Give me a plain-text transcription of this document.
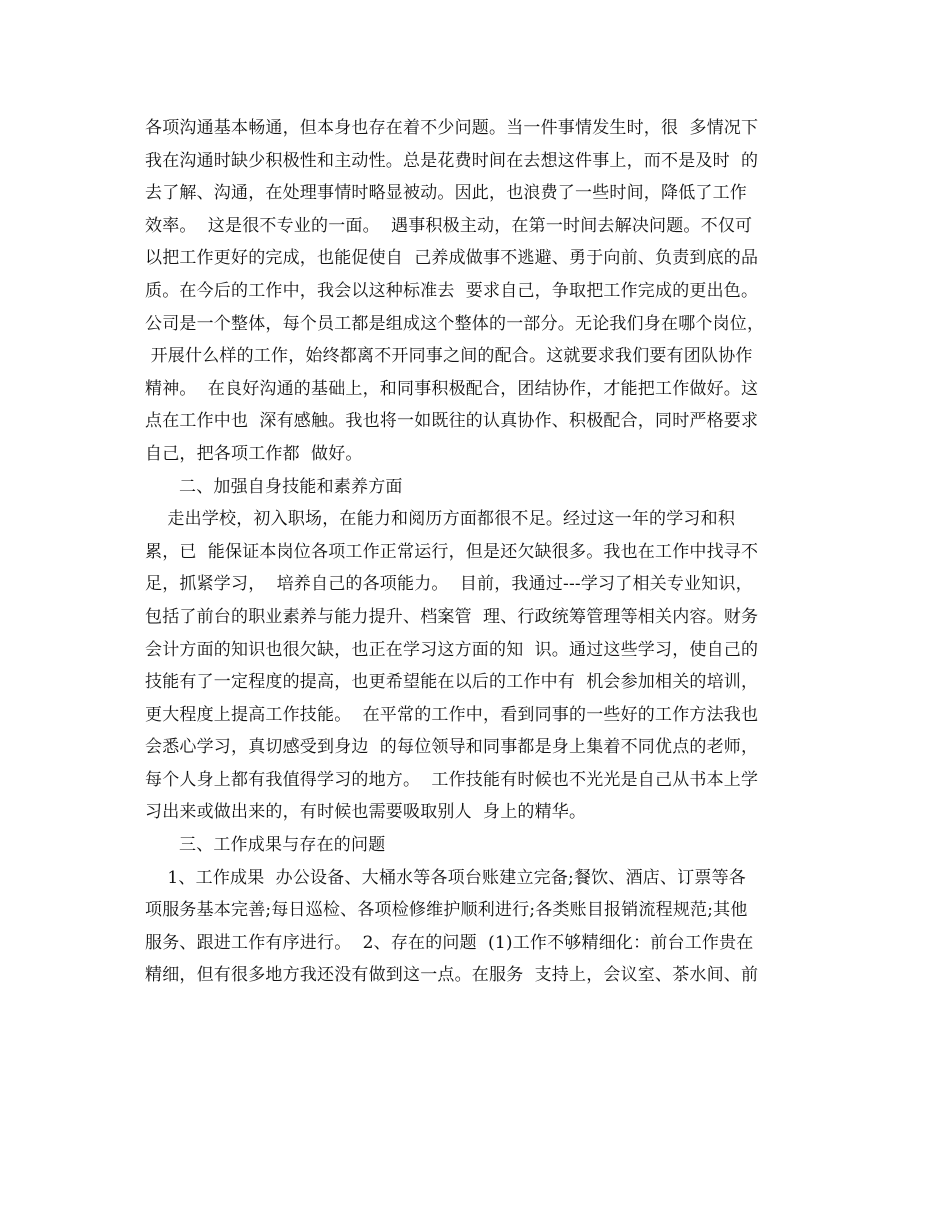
各项沟通基本畅通，但本身也存在着不少问题。当一件事情发生时，很  多情况下
我在沟通时缺少积极性和主动性。总是花费时间在去想这件事上，而不是及时  的
去了解、沟通，在处理事情时略显被动。因此，也浪费了一些时间，降低了工作
效率。  这是很不专业的一面。  遇事积极主动，在第一时间去解决问题。不仅可
以把工作更好的完成，也能促使自  己养成做事不逃避、勇于向前、负责到底的品
质。在今后的工作中，我会以这种标准去  要求自己，争取把工作完成的更出色。
公司是一个整体，每个员工都是组成这个整体的一部分。无论我们身在哪个岗位，
开展什么样的工作，始终都离不开同事之间的配合。这就要求我们要有团队协作
精神。  在良好沟通的基础上，和同事积极配合，团结协作，才能把工作做好。这
点在工作中也  深有感触。我也将一如既往的认真协作、积极配合，同时严格要求
自己，把各项工作都  做好。
二、加强自身技能和素养方面
走出学校，初入职场，在能力和阅历方面都很不足。经过这一年的学习和积
累，已  能保证本岗位各项工作正常运行，但是还欠缺很多。我也在工作中找寻不
足，抓紧学习，  培养自己的各项能力。  目前，我通过---学习了相关专业知识，
包括了前台的职业素养与能力提升、档案管  理、行政统筹管理等相关内容。财务
会计方面的知识也很欠缺，也正在学习这方面的知  识。通过这些学习，使自己的
技能有了一定程度的提高，也更希望能在以后的工作中有  机会参加相关的培训，
更大程度上提高工作技能。  在平常的工作中，看到同事的一些好的工作方法我也
会悉心学习，真切感受到身边  的每位领导和同事都是身上集着不同优点的老师，
每个人身上都有我值得学习的地方。  工作技能有时候也不光光是自己从书本上学
习出来或做出来的，有时候也需要吸取别人  身上的精华。
三、工作成果与存在的问题
1、工作成果  办公设备、大桶水等各项台账建立完备;餐饮、酒店、订票等各
项服务基本完善;每日巡检、各项检修维护顺利进行;各类账目报销流程规范;其他
服务、跟进工作有序进行。  2、存在的问题  (1)工作不够精细化：前台工作贵在
精细，但有很多地方我还没有做到这一点。在服务  支持上，会议室、茶水间、前
